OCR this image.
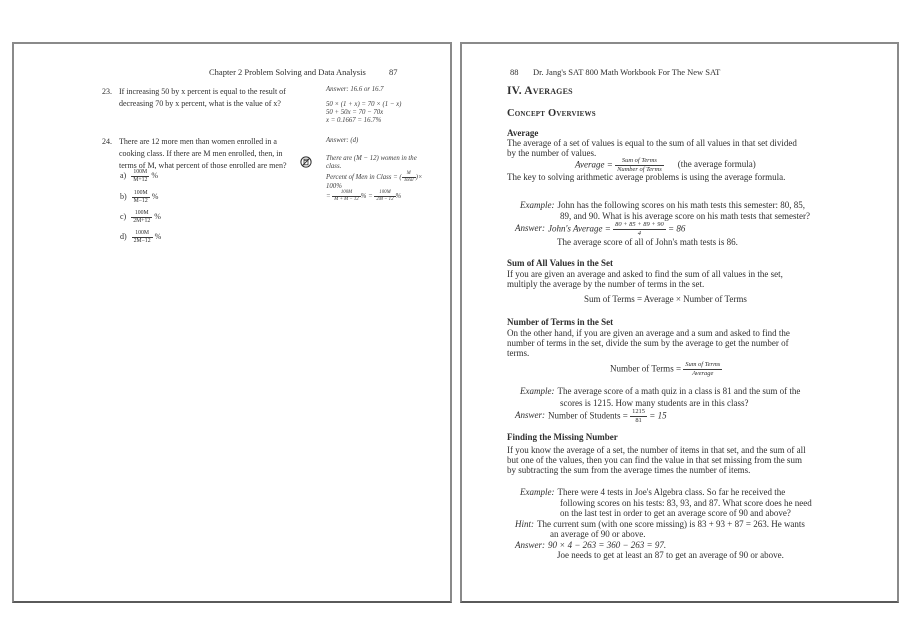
Chapter 2 Problem Solving and Data Analysis	87
23. If increasing 50 by x percent is equal to the result of
decreasing 70 by x percent, what is the value of x?
Answer: 16.6 or 16.7
50 × (1 + x) = 70 × (1 − x)
50 + 50x = 70 − 70x
x = 0.1667 = 16.7%
24. There are 12 more men than women enrolled in a
cooking class. If there are M men enrolled, then, in
terms of M, what percent of those enrolled are men?
$a) \frac{100M}{M+12}$ %
$b) \frac{100M}{M-12}$ %
$c) \frac{100M}{2M+12}$ %
$d) \frac{100M}{2M-12}$ %
Answer: (d)
There are (M − 12) women in the
class.
Percent of Men in Class = ( $\frac{M}{\text{Total}}$ )×
100%
= $\frac{100M}{M + M - 12}$ % = $\frac{100M}{2M - 12}$ %
88 Dr. Jang's SAT 800 Math Workbook For The New SAT
IV. Averages
Concept Overviews
Average
The average of a set of values is equal to the sum of all values in that set divided
by the number of values.
Average = $\frac{\text{Sum of Terms}}{\text{Number of Terms}} (the$ average formula)
The key to solving arithmetic average problems is using the average formula.
Example: John has the following scores on his math tests this semester: 80, 85,
89, and 90. What is his average score on his math tests that semester?
Answer: John's Average = $\frac{80 + 85 + 89 + 90}{4} = 86$
The average score of all of John's math tests is 86.
Sum of All Values in the Set
If you are given an average and asked to find the sum of all values in the set,
multiply the average by the number of terms in the set.
Sum of Terms = Average × Number of Terms
Number of Terms in the Set
On the other hand, if you are given an average and a sum and asked to find the
number of terms in the set, divide the sum by the average to get the number of
terms.
Number of Terms = $\frac{\text{Sum of Terms}}{\text{Average}}$
Example: The average score of a math quiz in a class is 81 and the sum of the
scores is 1215. How many students are in this class?
Answer: Number of Students = $\frac{1215}{81} = 15$
Finding the Missing Number
If you know the average of a set, the number of items in that set, and the sum of all
but one of the values, then you can find the value in that set missing from the sum
by subtracting the sum from the average times the number of items.
Example: There were 4 tests in Joe's Algebra class. So far he received the
following scores on his tests: 83, 93, and 87. What score does he need
on the last test in order to get an average score of 90 and above?
Hint: The current sum (with one score missing) is 83 + 93 + 87 = 263. He wants
an average of 90 or above.
Answer: 90 × 4 − 263 = 360 − 263 = 97.
Joe needs to get at least an 87 to get an average of 90 or above.
